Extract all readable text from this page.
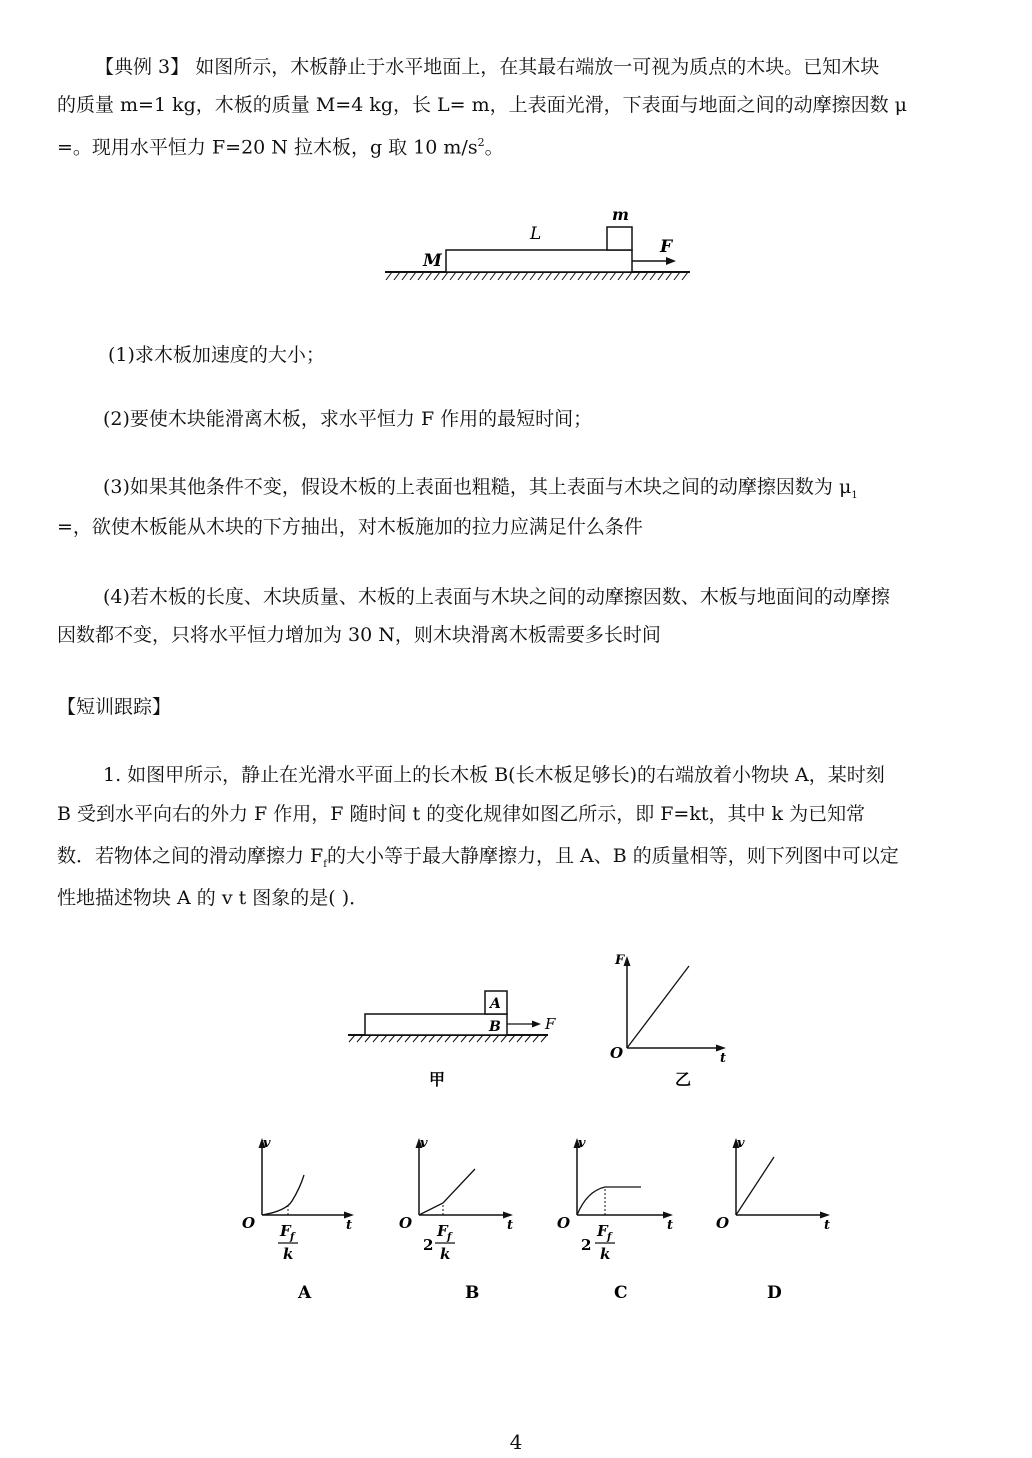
【典例 3】 如图所示，木板静止于水平地面上，在其最右端放一可视为质点的木块。已知木块

的质量 m=1 kg，木板的质量 M=4 kg，长 L= m，上表面光滑，下表面与地面之间的动摩擦因数 μ

=。现用水平恒力 F=20 N 拉木板，g 取 10 $m/s^2$。

M
L
m
F

(1)求木板加速度的大小；

(2)要使木块能滑离木板，求水平恒力 F 作用的最短时间；

(3)如果其他条件不变，假设木板的上表面也粗糙，其上表面与木块之间的动摩擦因数为 $\mu_1$

=，欲使木板能从木块的下方抽出，对木板施加的拉力应满足什么条件

(4)若木板的长度、木块质量、木板的上表面与木块之间的动摩擦因数、木板与地面间的动摩擦

因数都不变，只将水平恒力增加为 30 N，则木块滑离木板需要多长时间

【短训跟踪】

1. 如图甲所示，静止在光滑水平面上的长木板 B(长木板足够长)的右端放着小物块 A，某时刻

B 受到水平向右的外力 F 作用，F 随时间 t 的变化规律如图乙所示，即 F=kt，其中 k 为已知常

数．若物体之间的滑动摩擦力 $F_f$的大小等于最大静摩擦力，且 A、B 的质量相等，则下列图中可以定

性地描述物块 A 的 v t 图象的是( )．

A
B	F
甲
F
O	t
乙
v
O	t
F f
k
A
v
O	t
2
F f
k
B
v
O	t
2
F f
k
C
v
O	t
D
4
